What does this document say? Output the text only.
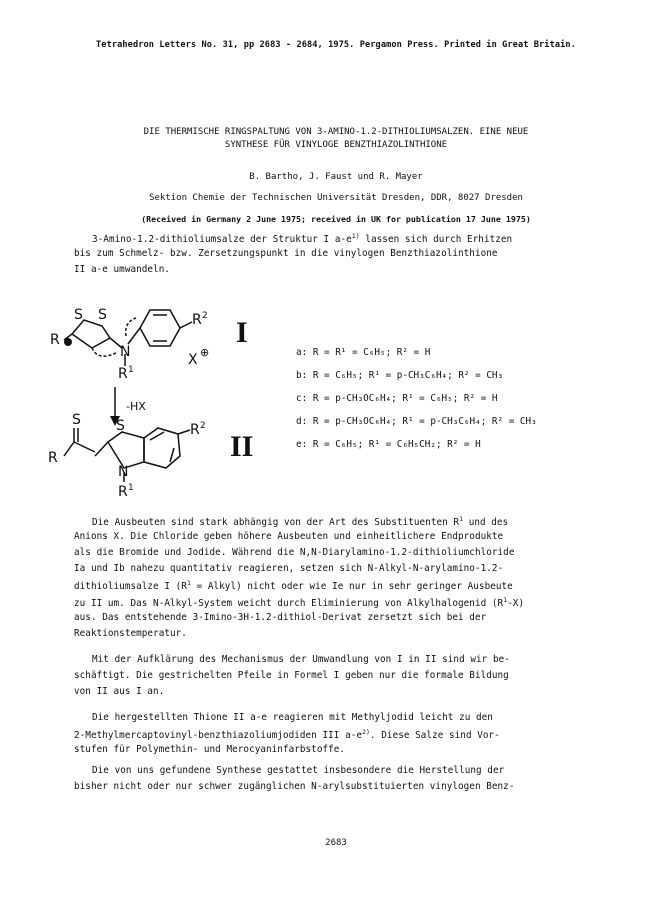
Tetrahedron Letters No. 31, pp 2683 - 2684, 1975. Pergamon Press. Printed in Great Britain.
DIE THERMISCHE RINGSPALTUNG VON 3-AMINO-1.2-DITHIOLIUMSALZEN. EINE NEUE
SYNTHESE FÜR VINYLOGE BENZTHIAZOLINTHIONE
B. Bartho, J. Faust und R. Mayer
Sektion Chemie der Technischen Universität Dresden, DDR, 8027 Dresden
(Received in Germany 2 June 1975; received in UK for publication 17 June 1975)
3-Amino-1.2-dithioliumsalze der Struktur I $a-e^{1)}$ lassen sich durch Erhitzen
bis zum Schmelz- bzw. Zersetzungspunkt in die vinylogen Benzthiazolinthione
II a-e umwandeln.
S S
R
N
R 1
R 2
X ⊕
-HX
S	S
R
N
R 1
R 2
I
II
a: R = R¹ = C₆H₅; R² = H
b: R = C₆H₅; R¹ = p-CH₃C₆H₄; R² = CH₃
c: R = p-CH₃OC₆H₄; R¹ = C₆H₅; R² = H
d: R = p-CH₃OC₆H₄; R¹ = p-CH₃C₆H₄; R² = CH₃
e: R = C₆H₅; R¹ = C₆H₅CH₂; R² = H
Die Ausbeuten sind stark abhängig von der Art des Substituenten $R^1$ und des
Anions X. Die Chloride geben höhere Ausbeuten und einheitlichere Endprodukte
als die Bromide und Jodide. Während die N,N-Diarylamino-1.2-dithioliumchloride
Ia und Ib nahezu quantitativ reagieren, setzen sich N-Alkyl-N-arylamino-1.2-
dithioliumsalze I ($R^1$ = Alkyl) nicht oder wie Ie nur in sehr geringer Ausbeute
zu II um. Das N-Alkyl-System weicht durch Eliminierung von Alkylhalogenid $(R^1-X)$
aus. Das entstehende 3-Imino-3H-1.2-dithiol-Derivat zersetzt sich bei der
Reaktionstemperatur.
Mit der Aufklärung des Mechanismus der Umwandlung von I in II sind wir be-
schäftigt. Die gestrichelten Pfeile in Formel I geben nur die formale Bildung
von II aus I an.
Die hergestellten Thione II a-e reagieren mit Methyljodid leicht zu den
2-Methylmercaptovinyl-benzthiazoliumjodiden III $a-e^{2)}$. Diese Salze sind Vor-
stufen für Polymethin- und Merocyaninfarbstoffe.
Die von uns gefundene Synthese gestattet insbesondere die Herstellung der
bisher nicht oder nur schwer zugänglichen N-arylsubstituierten vinylogen Benz-
2683
